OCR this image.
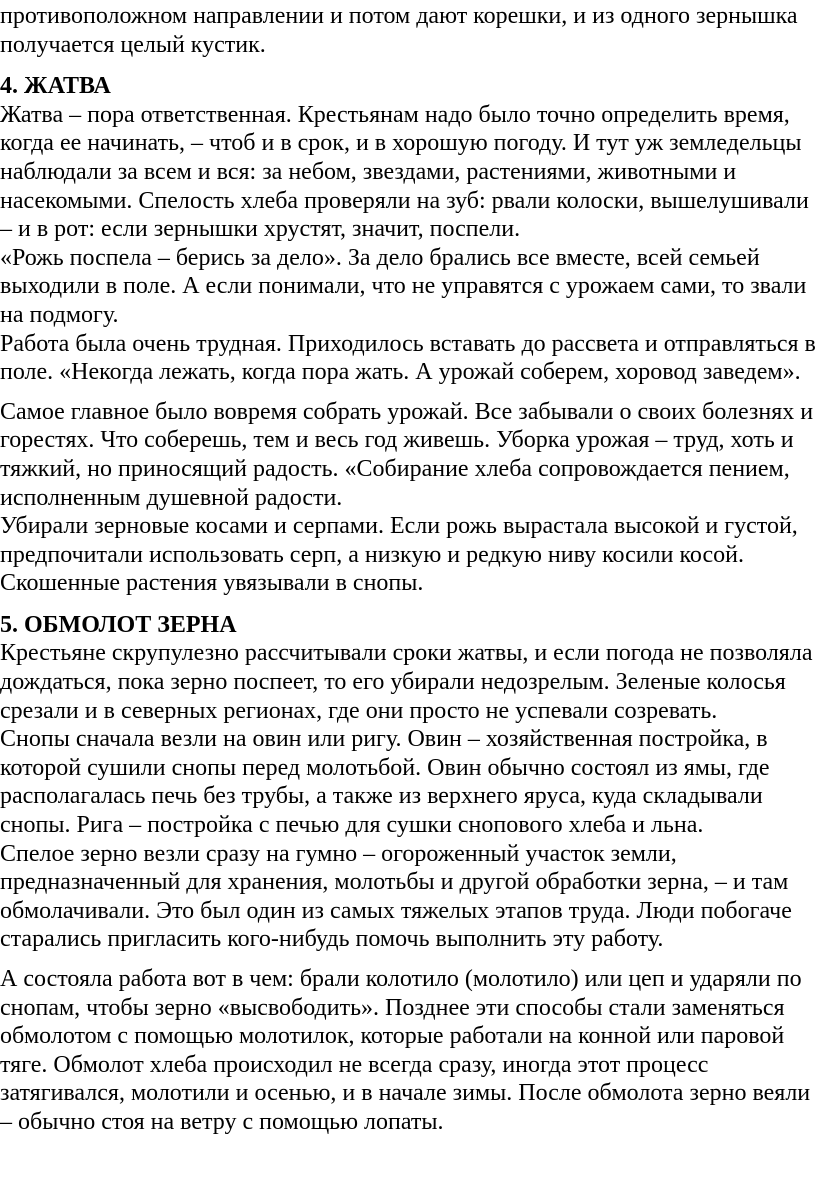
противоположном направлении и потом дают корешки, и из одного зернышка получается целый кустик.

4. ЖАТВА

Жатва – пора ответственная. Крестьянам надо было точно определить время, когда ее начинать, – чтоб и в срок, и в хорошую погоду. И тут уж земледельцы наблюдали за всем и вся: за небом, звездами, растениями, животными и насекомыми. Спелость хлеба проверяли на зуб: рвали колоски, вышелушивали – и в рот: если зернышки хрустят, значит, поспели.

«Рожь поспела – берись за дело». За дело брались все вместе, всей семьей выходили в поле. А если понимали, что не управятся с урожаем сами, то звали на подмогу.

Работа была очень трудная. Приходилось вставать до рассвета и отправляться в поле. «Некогда лежать, когда пора жать. А урожай соберем, хоровод заведем».

Самое главное было вовремя собрать урожай. Все забывали о своих болезнях и горестях. Что соберешь, тем и весь год живешь. Уборка урожая – труд, хоть и тяжкий, но приносящий радость. «Собирание хлеба сопровождается пением, исполненным душевной радости.

Убирали зерновые косами и серпами. Если рожь вырастала высокой и густой, предпочитали использовать серп, а низкую и редкую ниву косили косой. Скошенные растения увязывали в снопы.

5. ОБМОЛОТ ЗЕРНА

Крестьяне скрупулезно рассчитывали сроки жатвы, и если погода не позволяла дождаться, пока зерно поспеет, то его убирали недозрелым. Зеленые колосья срезали и в северных регионах, где они просто не успевали созревать.

Снопы сначала везли на овин или ригу. Овин – хозяйственная постройка, в которой сушили снопы перед молотьбой. Овин обычно состоял из ямы, где располагалась печь без трубы, а также из верхнего яруса, куда складывали снопы. Рига – постройка с печью для сушки снопового хлеба и льна.

Спелое зерно везли сразу на гумно – огороженный участок земли, предназначенный для хранения, молотьбы и другой обработки зерна, – и там обмолачивали. Это был один из самых тяжелых этапов труда. Люди побогаче старались пригласить кого-нибудь помочь выполнить эту работу.

А состояла работа вот в чем: брали колотило (молотило) или цеп и ударяли по снопам, чтобы зерно «высвободить». Позднее эти способы стали заменяться обмолотом с помощью молотилок, которые работали на конной или паровой тяге. Обмолот хлеба происходил не всегда сразу, иногда этот процесс затягивался, молотили и осенью, и в начале зимы. После обмолота зерно веяли – обычно стоя на ветру с помощью лопаты.
